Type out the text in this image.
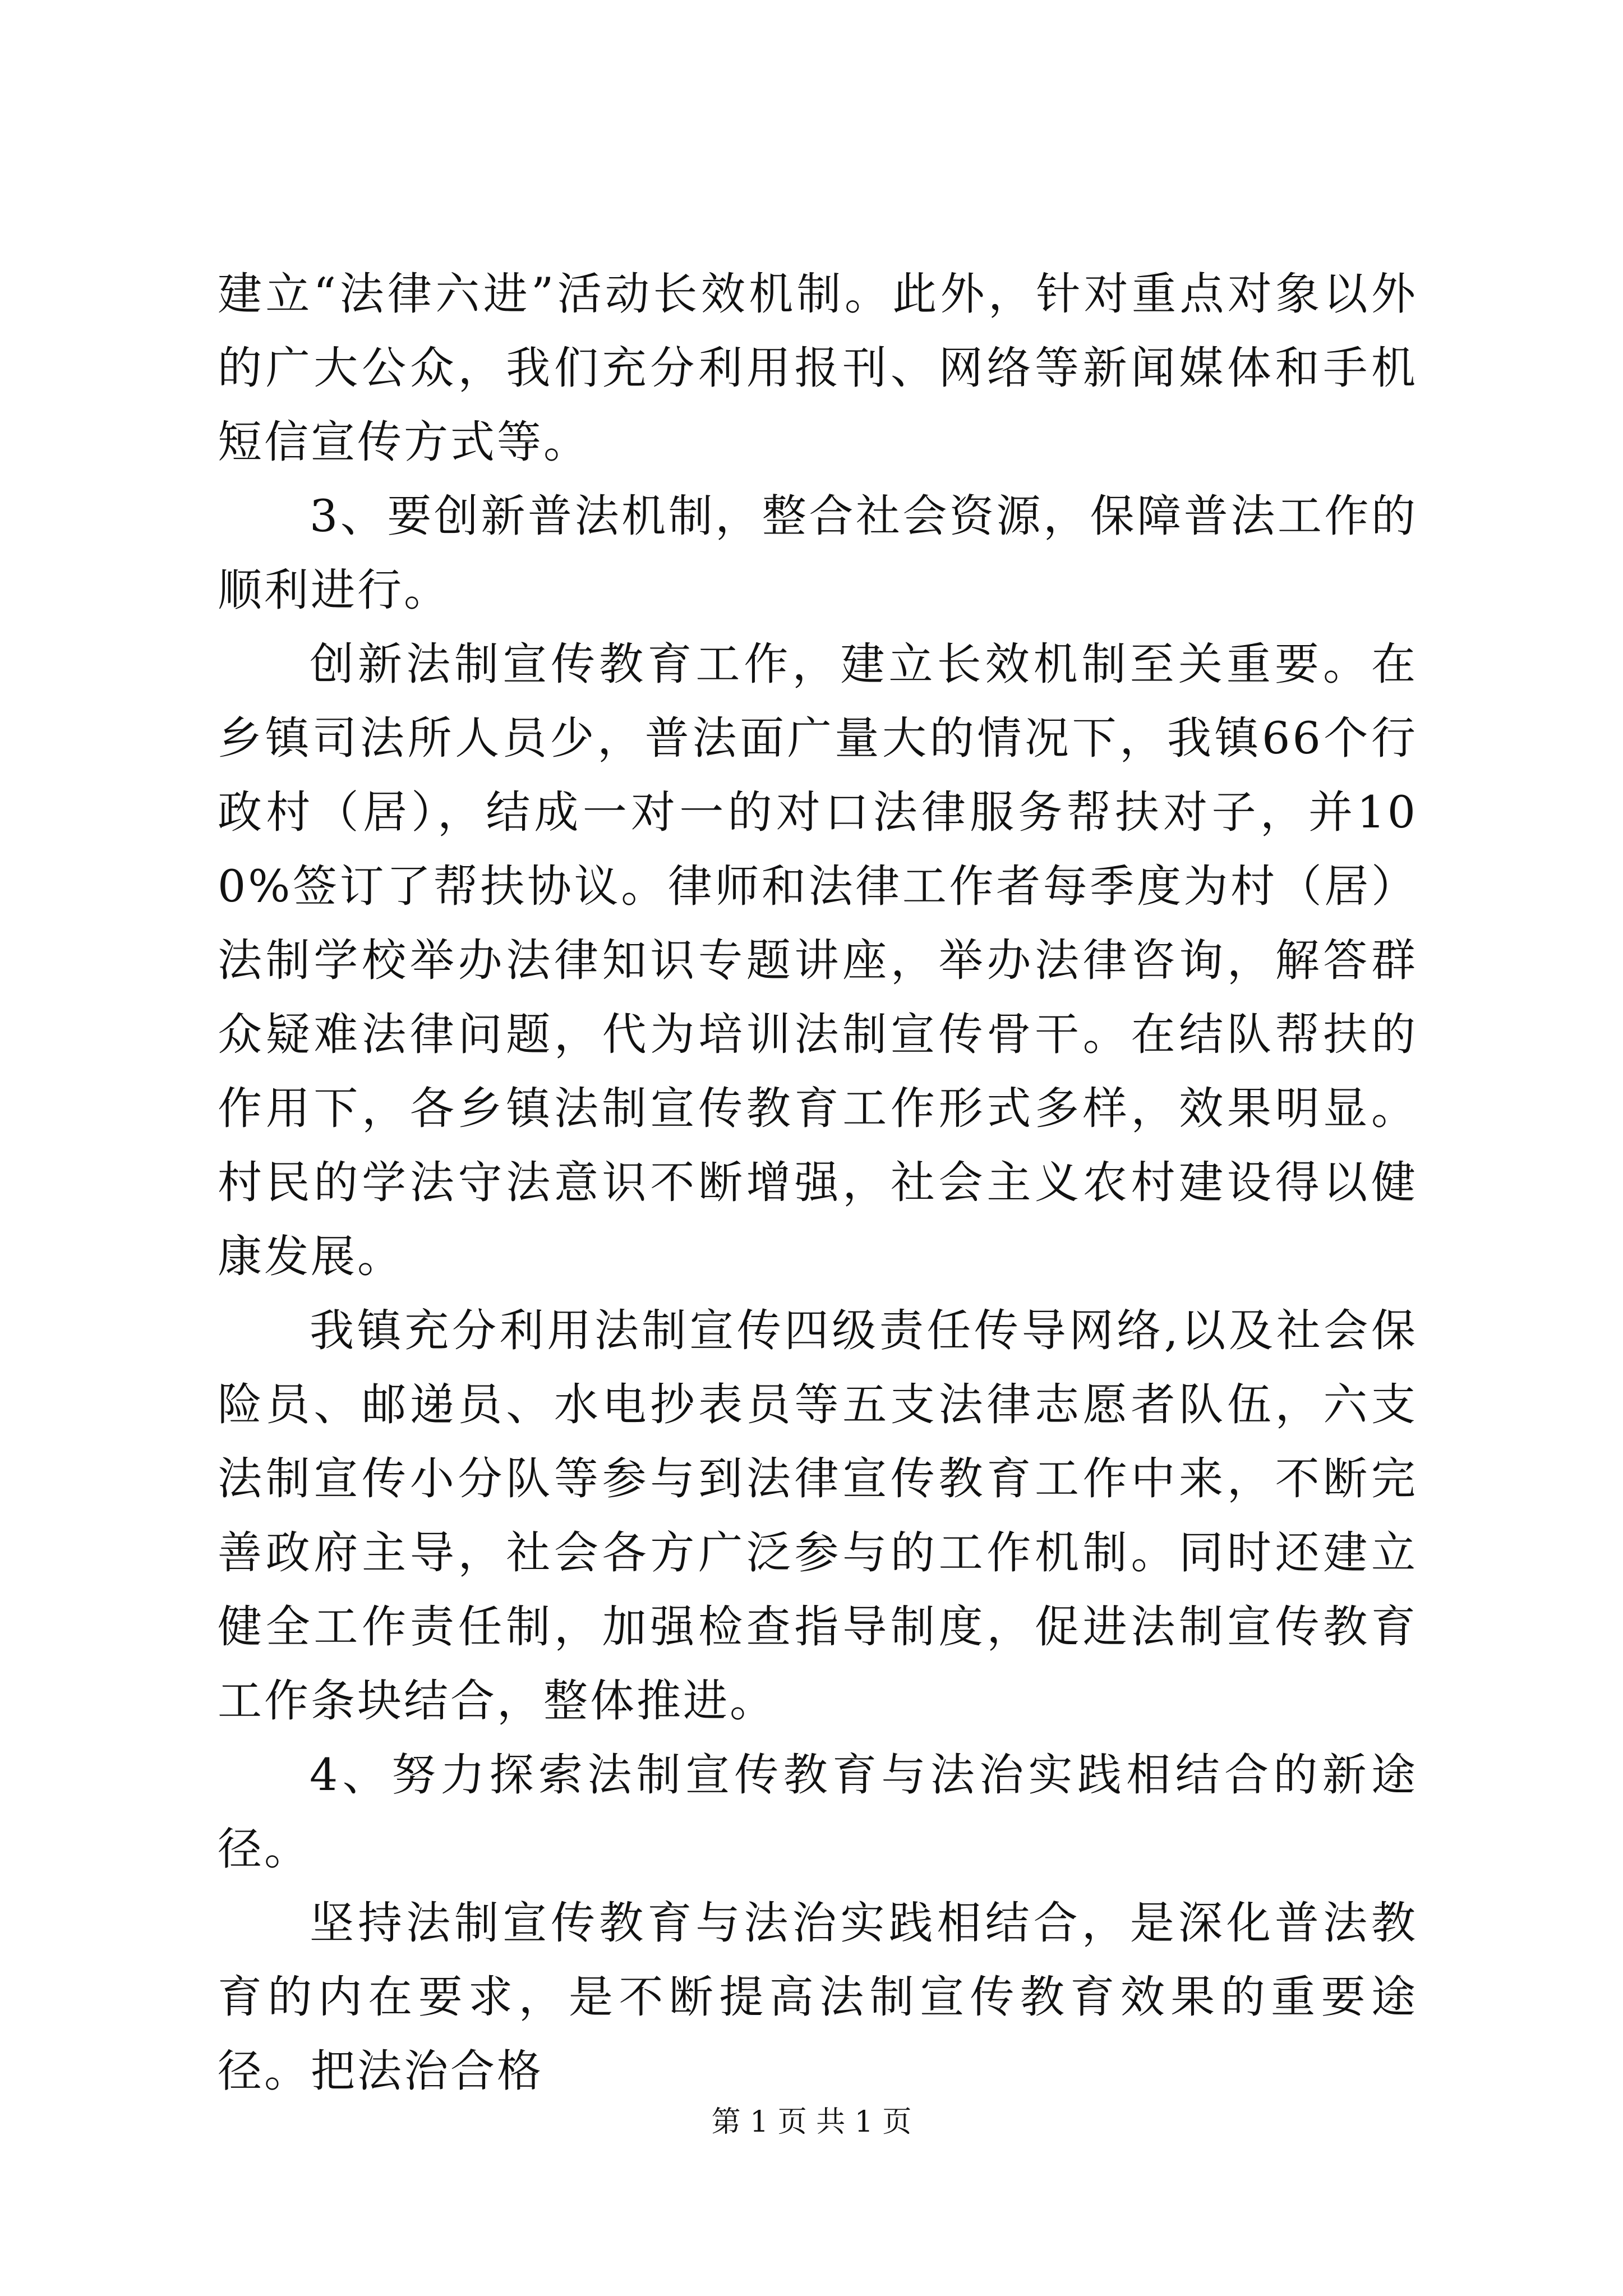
建立“法律六进”活动长效机制。此外，针对重点对象以外的广大公众，我们充分利用报刊、网络等新闻媒体和手机短信宣传方式等。

3、要创新普法机制，整合社会资源，保障普法工作的顺利进行。

创新法制宣传教育工作，建立长效机制至关重要。在乡镇司法所人员少，普法面广量大的情况下，我镇66个行政村（居），结成一对一的对口法律服务帮扶对子，并100%签订了帮扶协议。律师和法律工作者每季度为村（居）法制学校举办法律知识专题讲座，举办法律咨询，解答群众疑难法律问题，代为培训法制宣传骨干。在结队帮扶的作用下，各乡镇法制宣传教育工作形式多样，效果明显。村民的学法守法意识不断增强，社会主义农村建设得以健康发展。

我镇充分利用法制宣传四级责任传导网络,以及社会保险员、邮递员、水电抄表员等五支法律志愿者队伍，六支法制宣传小分队等参与到法律宣传教育工作中来，不断完善政府主导，社会各方广泛参与的工作机制。同时还建立健全工作责任制，加强检查指导制度，促进法制宣传教育工作条块结合，整体推进。

4、努力探索法制宣传教育与法治实践相结合的新途径。

坚持法制宣传教育与法治实践相结合，是深化普法教育的内在要求，是不断提高法制宣传教育效果的重要途径。把法治合格

第 1 页 共 1 页
